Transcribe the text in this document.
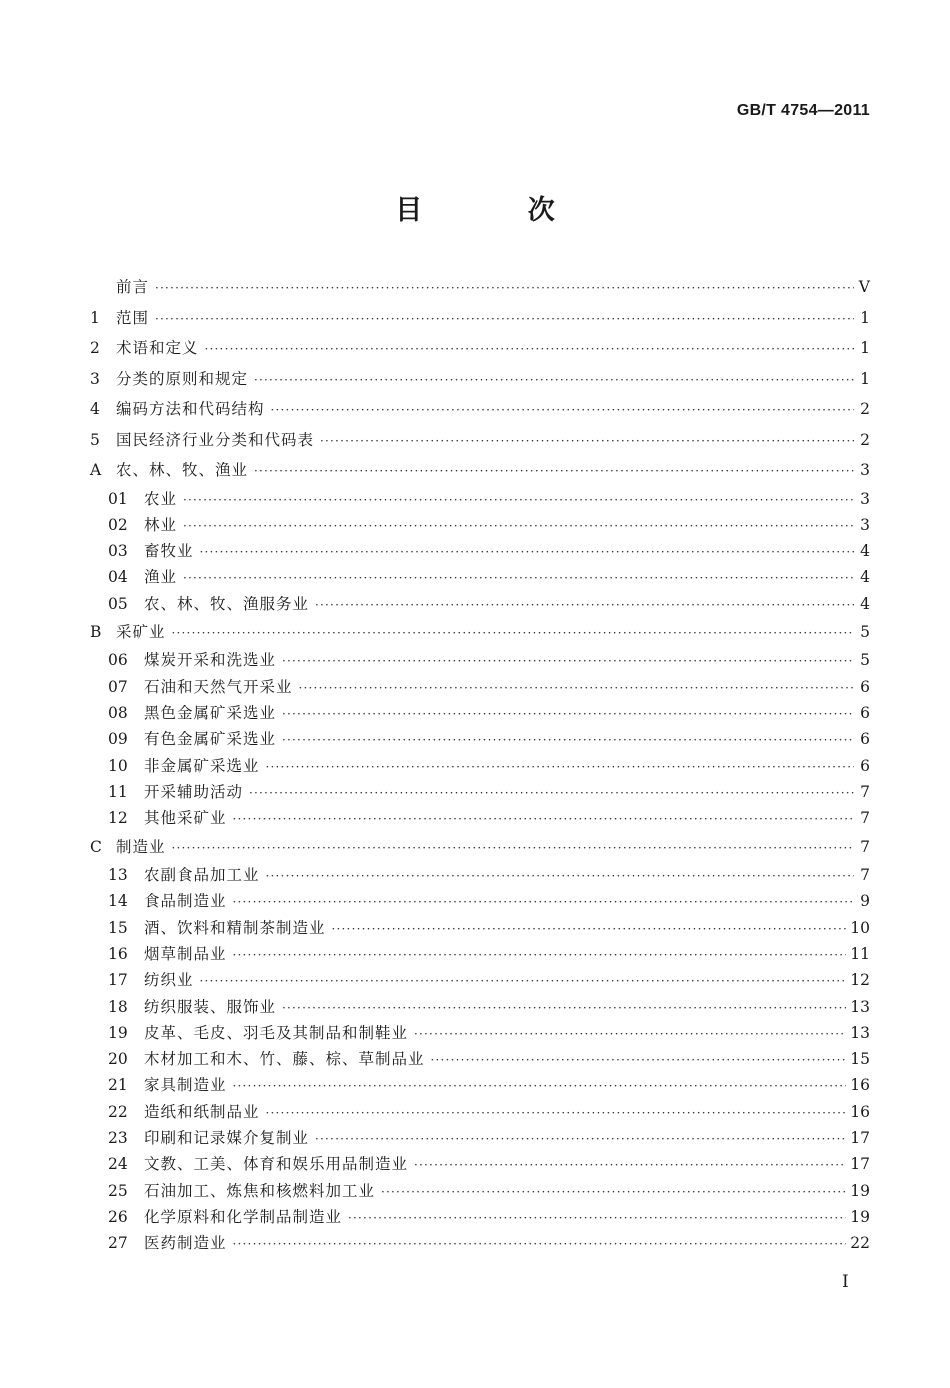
GB/T 4754—2011
目 次
前言 ·····	V
1	范围 ·····	1
2	术语和定义 ·····	1
3	分类的原则和规定 ·····	1
4	编码方法和代码结构 ·····	2
5	国民经济行业分类和代码表 ·····	2
A 农、林、牧、渔业 ·····	3
01	农业 ·····	3
02	林业 ·····	3
03	畜牧业 ·····	4
04	渔业 ·····	4
05	农、林、牧、渔服务业 ·····	4
B 采矿业 ·····	5
06	煤炭开采和洗选业 ·····	5
07	石油和天然气开采业 ·····	6
08	黑色金属矿采选业 ·····	6
09	有色金属矿采选业 ·····	6
10	非金属矿采选业 ·····	6
11	开采辅助活动 ·····	7
12	其他采矿业 ·····	7
C 制造业 ·····	7
13	农副食品加工业 ·····	7
14	食品制造业 ·····	9
15	酒、饮料和精制茶制造业 ·····	10
16	烟草制品业 ·····	11
17	纺织业 ·····	12
18	纺织服装、服饰业 ·····	13
19	皮革、毛皮、羽毛及其制品和制鞋业 ·····	13
20	木材加工和木、竹、藤、棕、草制品业 ·····	15
21	家具制造业 ·····	16
22	造纸和纸制品业 ·····	16
23	印刷和记录媒介复制业 ·····	17
24	文教、工美、体育和娱乐用品制造业 ·····	17
25	石油加工、炼焦和核燃料加工业 ·····	19
26	化学原料和化学制品制造业 ·····	19
27	医药制造业 ·····	22
I
